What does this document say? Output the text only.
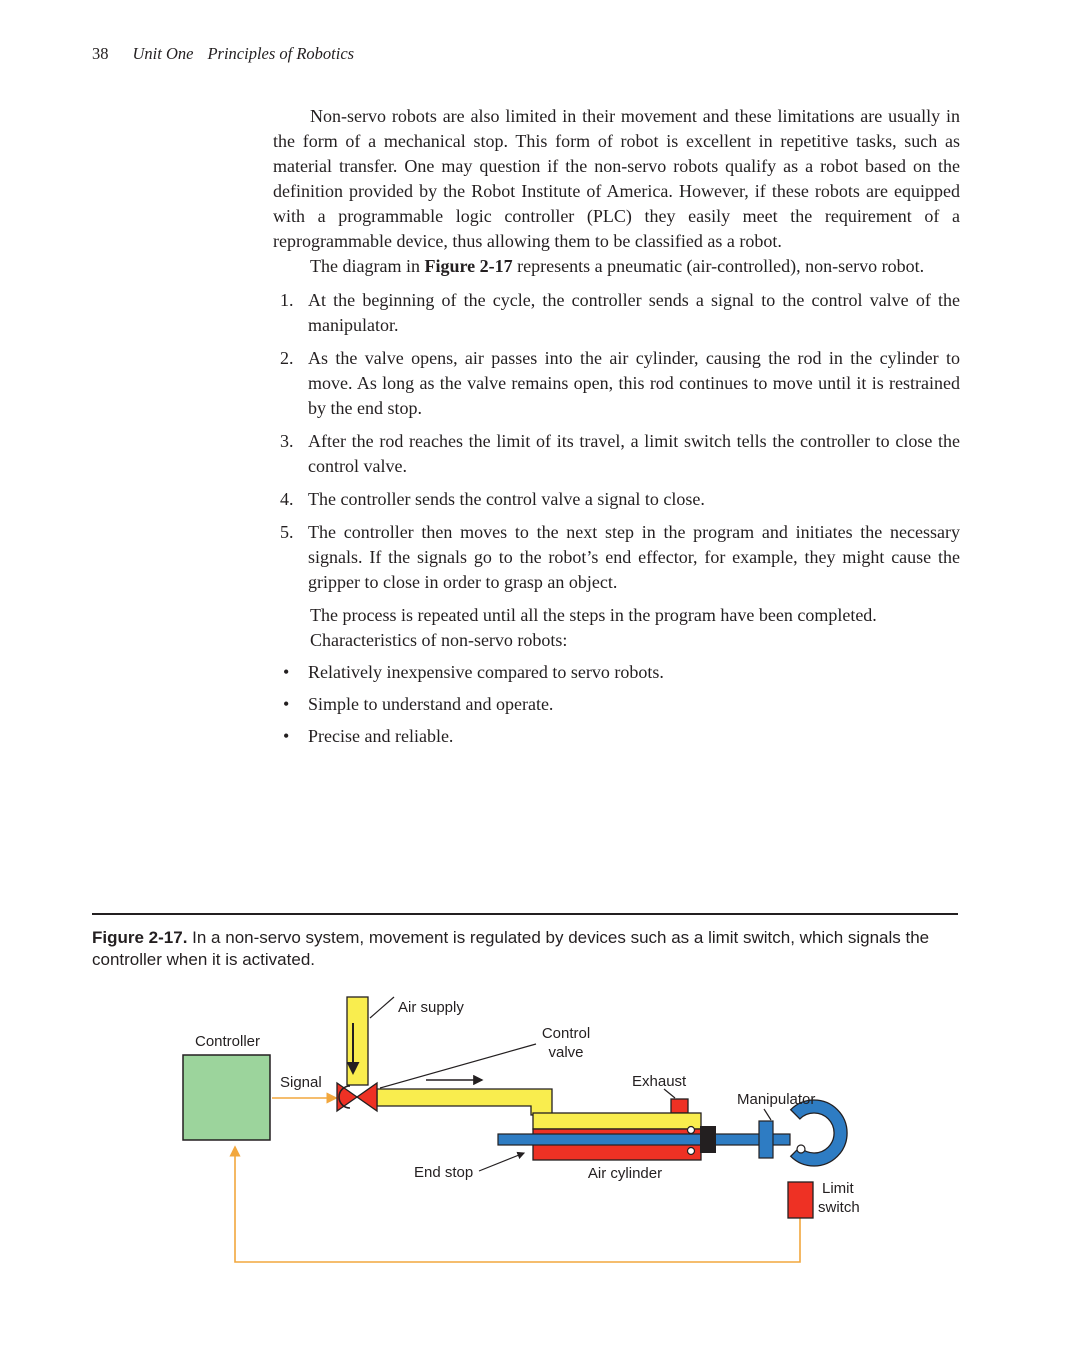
38 Unit One Principles of Robotics

Non-servo robots are also limited in their movement and these limitations are usually in the form of a mechanical stop. This form of robot is excellent in repetitive tasks, such as material transfer. One may question if the non-servo robots qualify as a robot based on the definition provided by the Robot Institute of America. However, if these robots are equipped with a programmable logic controller (PLC) they easily meet the requirement of a reprogrammable device, thus allowing them to be classified as a robot.

The diagram in Figure 2-17 represents a pneumatic (air-controlled), non-servo robot.

1. At the beginning of the cycle, the controller sends a signal to the control valve of the manipulator.
2. As the valve opens, air passes into the air cylinder, causing the rod in the cylinder to move. As long as the valve remains open, this rod continues to move until it is restrained by the end stop.
3. After the rod reaches the limit of its travel, a limit switch tells the controller to close the control valve.
4. The controller sends the control valve a signal to close.
5. The controller then moves to the next step in the program and initiates the necessary signals. If the signals go to the robot’s end effector, for example, they might cause the gripper to close in order to grasp an object.

The process is repeated until all the steps in the program have been completed.

Characteristics of non-servo robots:

• Relatively inexpensive compared to servo robots.
• Simple to understand and operate.
• Precise and reliable.

Figure 2-17. In a non-servo system, movement is regulated by devices such as a limit switch, which signals the controller when it is activated.

Controller
Air supply
Signal
Control
valve
Exhaust
Manipulator
End stop	Air cylinder
Limit
switch
